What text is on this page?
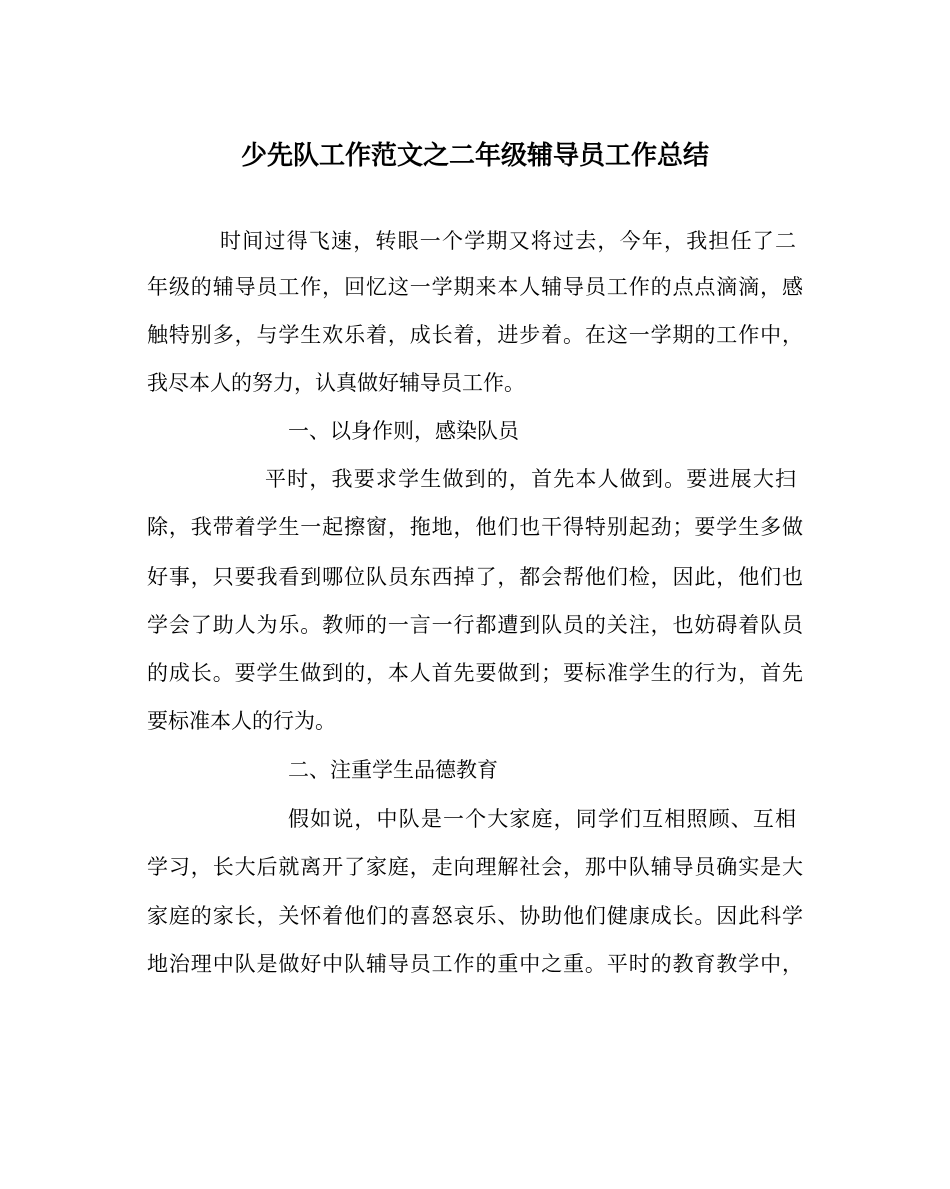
少先队工作范文之二年级辅导员工作总结
时间过得飞速，转眼一个学期又将过去，今年，我担任了二
年级的辅导员工作，回忆这一学期来本人辅导员工作的点点滴滴，感
触特别多，与学生欢乐着，成长着，进步着。在这一学期的工作中，
我尽本人的努力，认真做好辅导员工作。
一、以身作则，感染队员
平时，我要求学生做到的，首先本人做到。要进展大扫
除，我带着学生一起擦窗，拖地，他们也干得特别起劲；要学生多做
好事，只要我看到哪位队员东西掉了，都会帮他们检，因此，他们也
学会了助人为乐。教师的一言一行都遭到队员的关注，也妨碍着队员
的成长。要学生做到的，本人首先要做到；要标准学生的行为，首先
要标准本人的行为。
二、注重学生品德教育
假如说，中队是一个大家庭，同学们互相照顾、互相
学习，长大后就离开了家庭，走向理解社会，那中队辅导员确实是大
家庭的家长，关怀着他们的喜怒哀乐、协助他们健康成长。因此科学
地治理中队是做好中队辅导员工作的重中之重。平时的教育教学中，
